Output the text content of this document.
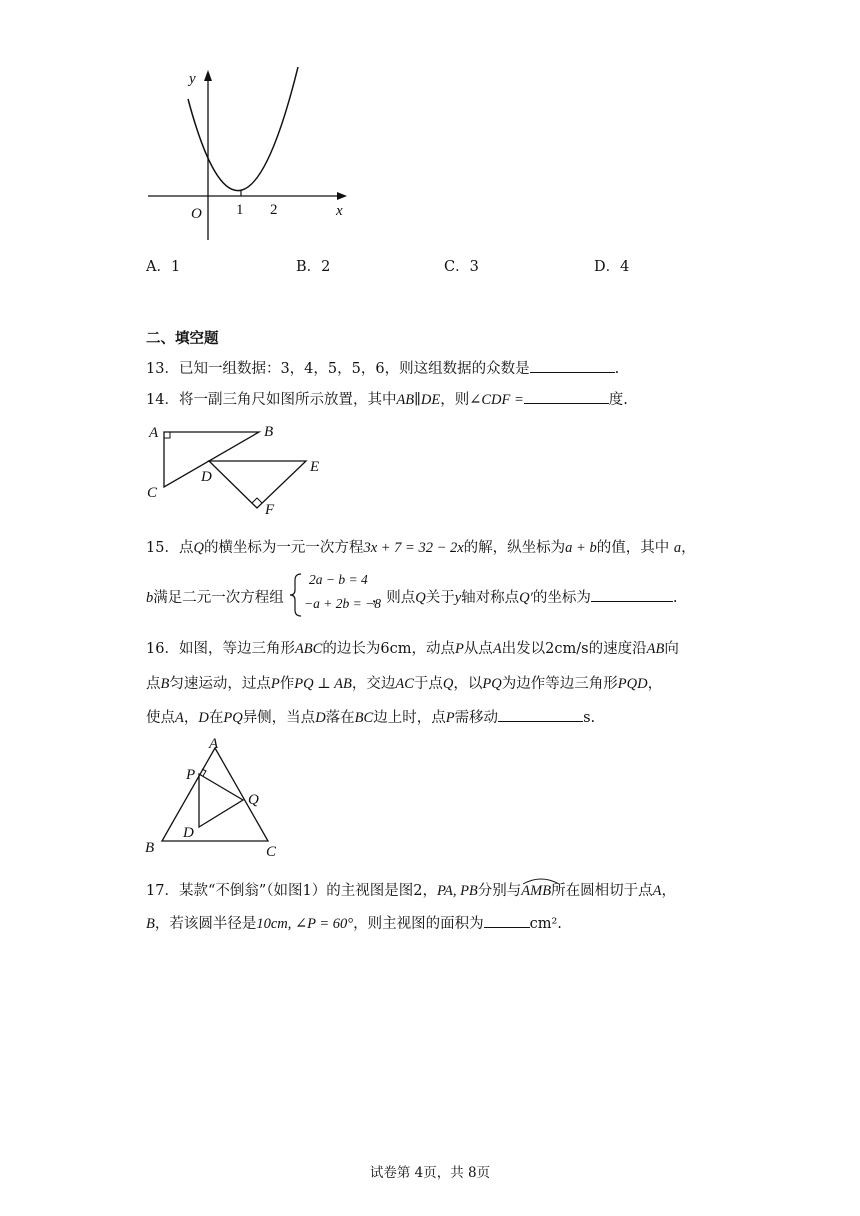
y
x
O 1 2
A．1	B．2	C．3	D．4
二、填空题
13．已知一组数据：3，4，5，5，6，则这组数据的众数是	.
14．将一副三角尺如图所示放置，其中AB∥DE，则∠CDF =	度.
A	B
C
D
E
F
15．点Q的横坐标为一元一次方程3x + 7 = 32 − 2x的解，纵坐标为a + b的值，其中 a，
b满足二元一次方程组	，则点Q关于y轴对称点Q′的坐标为	.
2a − b = 4
−a + 2b = −8
16．如图，等边三角形ABC的边长为6cm，动点P从点A出发以2cm/s的速度沿AB向
点B匀速运动，过点P作PQ ⊥ AB，交边AC于点Q，以PQ为边作等边三角形PQD，
使点A，D在PQ异侧，当点D落在BC边上时，点P需移动	s.
A
P
Q
D
B	C
17．某款“不倒翁”（如图1）的主视图是图2，PA, PB分别与
AMB所在圆相切于点A，
B，若该圆半径是10cm, ∠P = 60°，则主视图的面积为	cm².
试卷第 4页，共 8页
